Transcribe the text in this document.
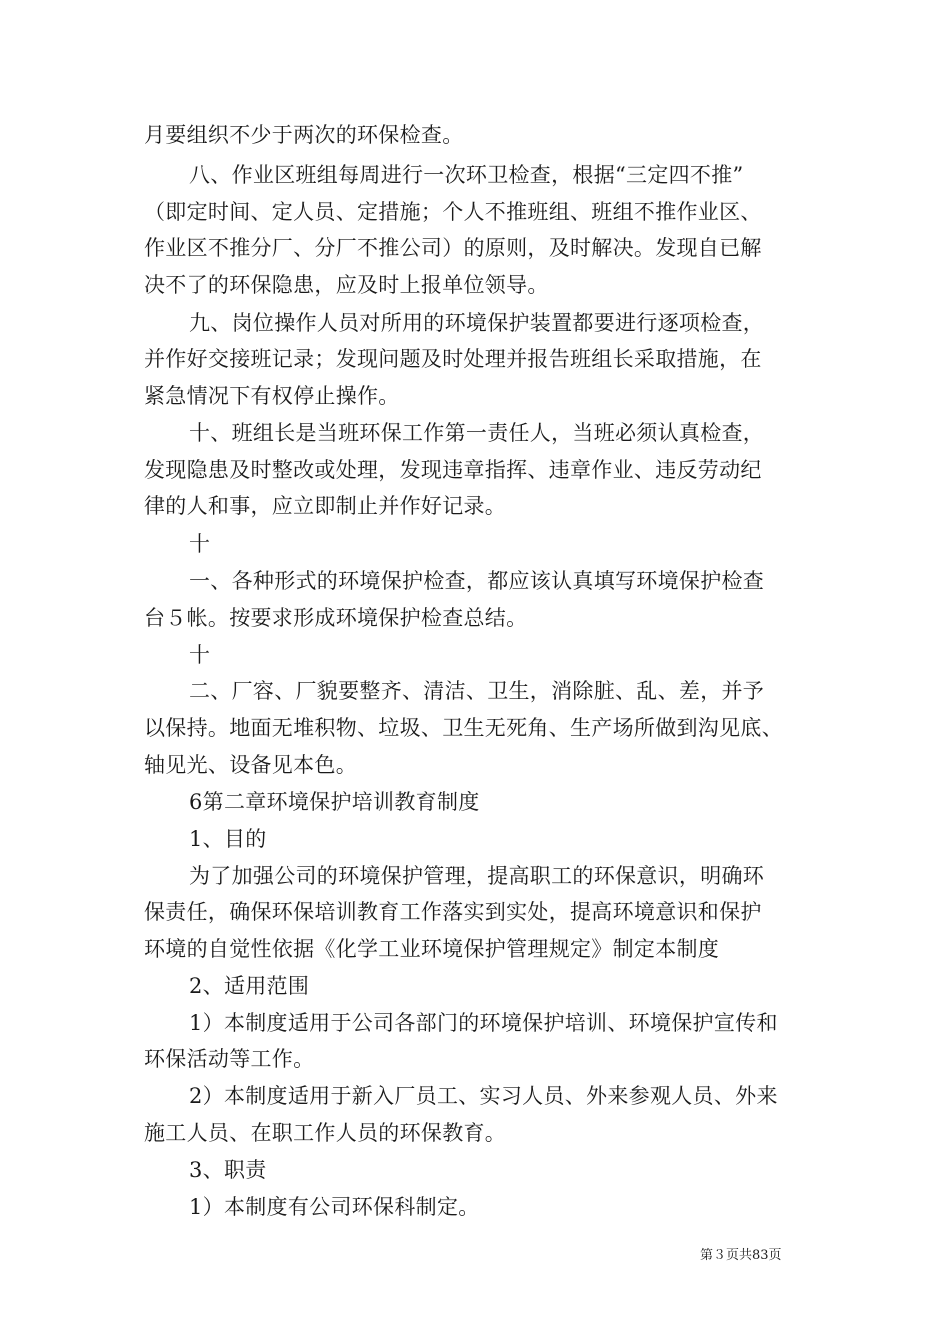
月要组织不少于两次的环保检查。
八、作业区班组每周进行一次环卫检查，根据“三定四不推”
（即定时间、定人员、定措施；个人不推班组、班组不推作业区、
作业区不推分厂、分厂不推公司）的原则，及时解决。发现自已解
决不了的环保隐患，应及时上报单位领导。
九、岗位操作人员对所用的环境保护装置都要进行逐项检查，
并作好交接班记录；发现问题及时处理并报告班组长采取措施，在
紧急情况下有权停止操作。
十、班组长是当班环保工作第一责任人，当班必须认真检查，
发现隐患及时整改或处理，发现违章指挥、违章作业、违反劳动纪
律的人和事，应立即制止并作好记录。
十
一、各种形式的环境保护检查，都应该认真填写环境保护检查
台５帐。按要求形成环境保护检查总结。
十
二、厂容、厂貌要整齐、清洁、卫生，消除脏、乱、差，并予
以保持。地面无堆积物、垃圾、卫生无死角、生产场所做到沟见底、
轴见光、设备见本色。
6第二章环境保护培训教育制度
1、目的
为了加强公司的环境保护管理，提高职工的环保意识，明确环
保责任，确保环保培训教育工作落实到实处，提高环境意识和保护
环境的自觉性依据《化学工业环境保护管理规定》制定本制度
2、适用范围
1）本制度适用于公司各部门的环境保护培训、环境保护宣传和
环保活动等工作。
2）本制度适用于新入厂员工、实习人员、外来参观人员、外来
施工人员、在职工作人员的环保教育。
3、职责
1）本制度有公司环保科制定。
第３页共83页
